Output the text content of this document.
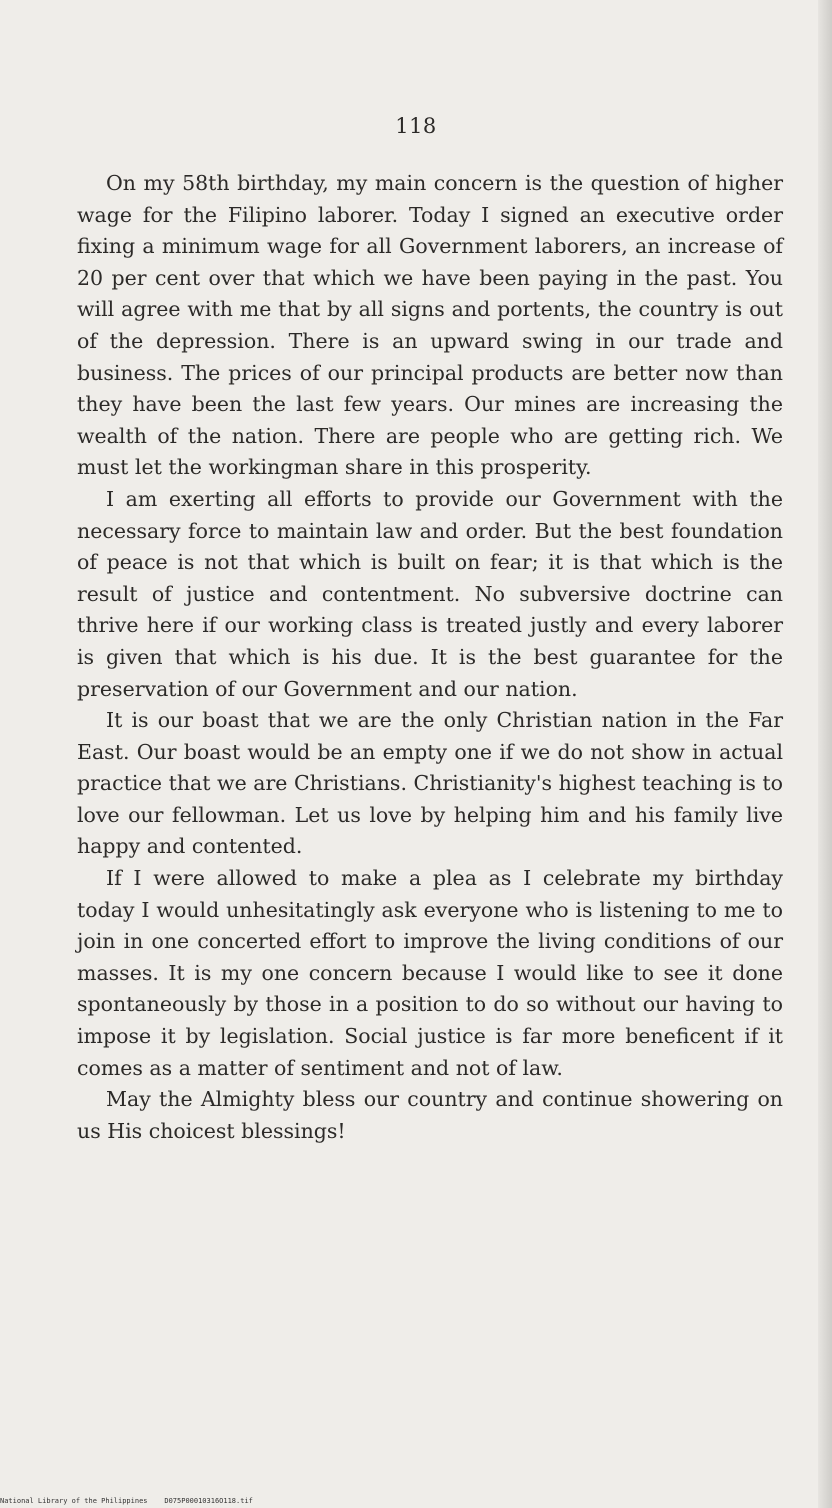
118

On my 58th birthday, my main concern is the question of higher wage for the Filipino laborer. Today I signed an executive order fixing a minimum wage for all Government laborers, an increase of 20 per cent over that which we have been paying in the past. You will agree with me that by all signs and portents, the country is out of the depression. There is an upward swing in our trade and business. The prices of our principal products are better now than they have been the last few years. Our mines are increasing the wealth of the nation. There are people who are getting rich. We must let the workingman share in this prosperity.

I am exerting all efforts to provide our Government with the necessary force to maintain law and order. But the best foundation of peace is not that which is built on fear; it is that which is the result of justice and contentment. No subversive doctrine can thrive here if our working class is treated justly and every laborer is given that which is his due. It is the best guarantee for the preservation of our Government and our nation.

It is our boast that we are the only Christian nation in the Far East. Our boast would be an empty one if we do not show in actual practice that we are Christians. Christianity's highest teaching is to love our fellowman. Let us love by helping him and his family live happy and contented.

If I were allowed to make a plea as I celebrate my birthday today I would unhesitatingly ask everyone who is listening to me to join in one concerted effort to improve the living conditions of our masses. It is my one concern because I would like to see it done spontaneously by those in a position to do so without our having to impose it by legislation. Social justice is far more beneficent if it comes as a matter of sentiment and not of law.

May the Almighty bless our country and continue showering on us His choicest blessings!

National Library of the Philippines D075P00010316O118.tif
